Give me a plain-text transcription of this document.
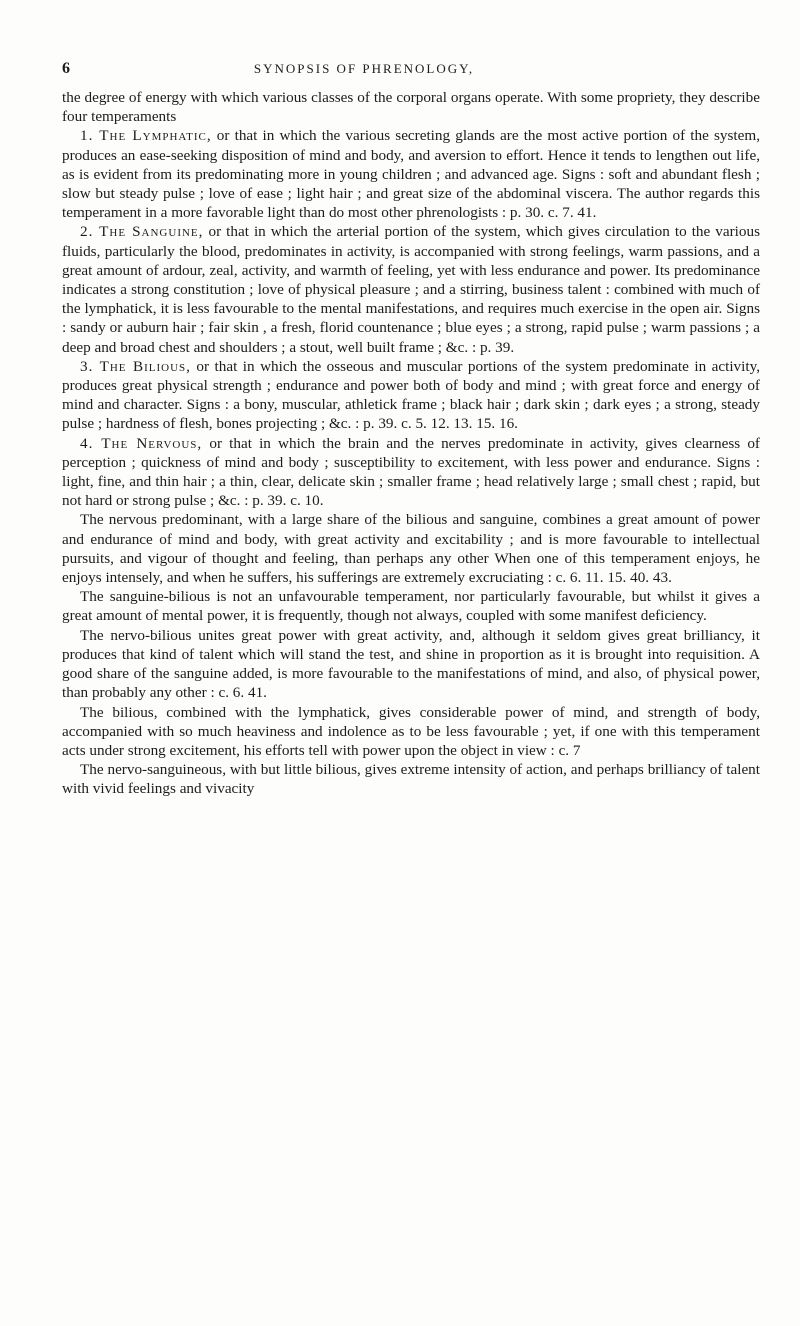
6	SYNOPSIS OF PHRENOLOGY,

the degree of energy with which various classes of the corporal organs operate. With some propriety, they describe four temperaments

1. The Lymphatic, or that in which the various secreting glands are the most active portion of the system, produces an ease-seeking disposition of mind and body, and aversion to effort. Hence it tends to lengthen out life, as is evident from its predominating more in young children ; and advanced age. Signs : soft and abundant flesh ; slow but steady pulse ; love of ease ; light hair ; and great size of the abdominal viscera. The author regards this temperament in a more favorable light than do most other phrenologists : p. 30. c. 7. 41.

2. The Sanguine, or that in which the arterial portion of the system, which gives circulation to the various fluids, particularly the blood, predominates in activity, is accompanied with strong feelings, warm passions, and a great amount of ardour, zeal, activity, and warmth of feeling, yet with less endurance and power. Its predominance indicates a strong constitution ; love of physical pleasure ; and a stirring, business talent : combined with much of the lymphatick, it is less favourable to the mental manifestations, and requires much exercise in the open air. Signs : sandy or auburn hair ; fair skin , a fresh, florid countenance ; blue eyes ; a strong, rapid pulse ; warm passions ; a deep and broad chest and shoulders ; a stout, well built frame ; &c. : p. 39.

3. The Bilious, or that in which the osseous and muscular portions of the system predominate in activity, produces great physical strength ; endurance and power both of body and mind ; with great force and energy of mind and character. Signs : a bony, muscular, athletick frame ; black hair ; dark skin ; dark eyes ; a strong, steady pulse ; hardness of flesh, bones projecting ; &c. : p. 39. c. 5. 12. 13. 15. 16.

4. The Nervous, or that in which the brain and the nerves predominate in activity, gives clearness of perception ; quickness of mind and body ; susceptibility to excitement, with less power and endurance. Signs : light, fine, and thin hair ; a thin, clear, delicate skin ; smaller frame ; head relatively large ; small chest ; rapid, but not hard or strong pulse ; &c. : p. 39. c. 10.

The nervous predominant, with a large share of the bilious and sanguine, combines a great amount of power and endurance of mind and body, with great activity and excitability ; and is more favourable to intellectual pursuits, and vigour of thought and feeling, than perhaps any other When one of this temperament enjoys, he enjoys intensely, and when he suffers, his sufferings are extremely excruciating : c. 6. 11. 15. 40. 43.

The sanguine-bilious is not an unfavourable temperament, nor particularly favourable, but whilst it gives a great amount of mental power, it is frequently, though not always, coupled with some manifest deficiency.

The nervo-bilious unites great power with great activity, and, although it seldom gives great brilliancy, it produces that kind of talent which will stand the test, and shine in proportion as it is brought into requisition. A good share of the sanguine added, is more favourable to the manifestations of mind, and also, of physical power, than probably any other : c. 6. 41.

The bilious, combined with the lymphatick, gives considerable power of mind, and strength of body, accompanied with so much heaviness and indolence as to be less favourable ; yet, if one with this temperament acts under strong excitement, his efforts tell with power upon the object in view : c. 7

The nervo-sanguineous, with but little bilious, gives extreme intensity of action, and perhaps brilliancy of talent with vivid feelings and vivacity
